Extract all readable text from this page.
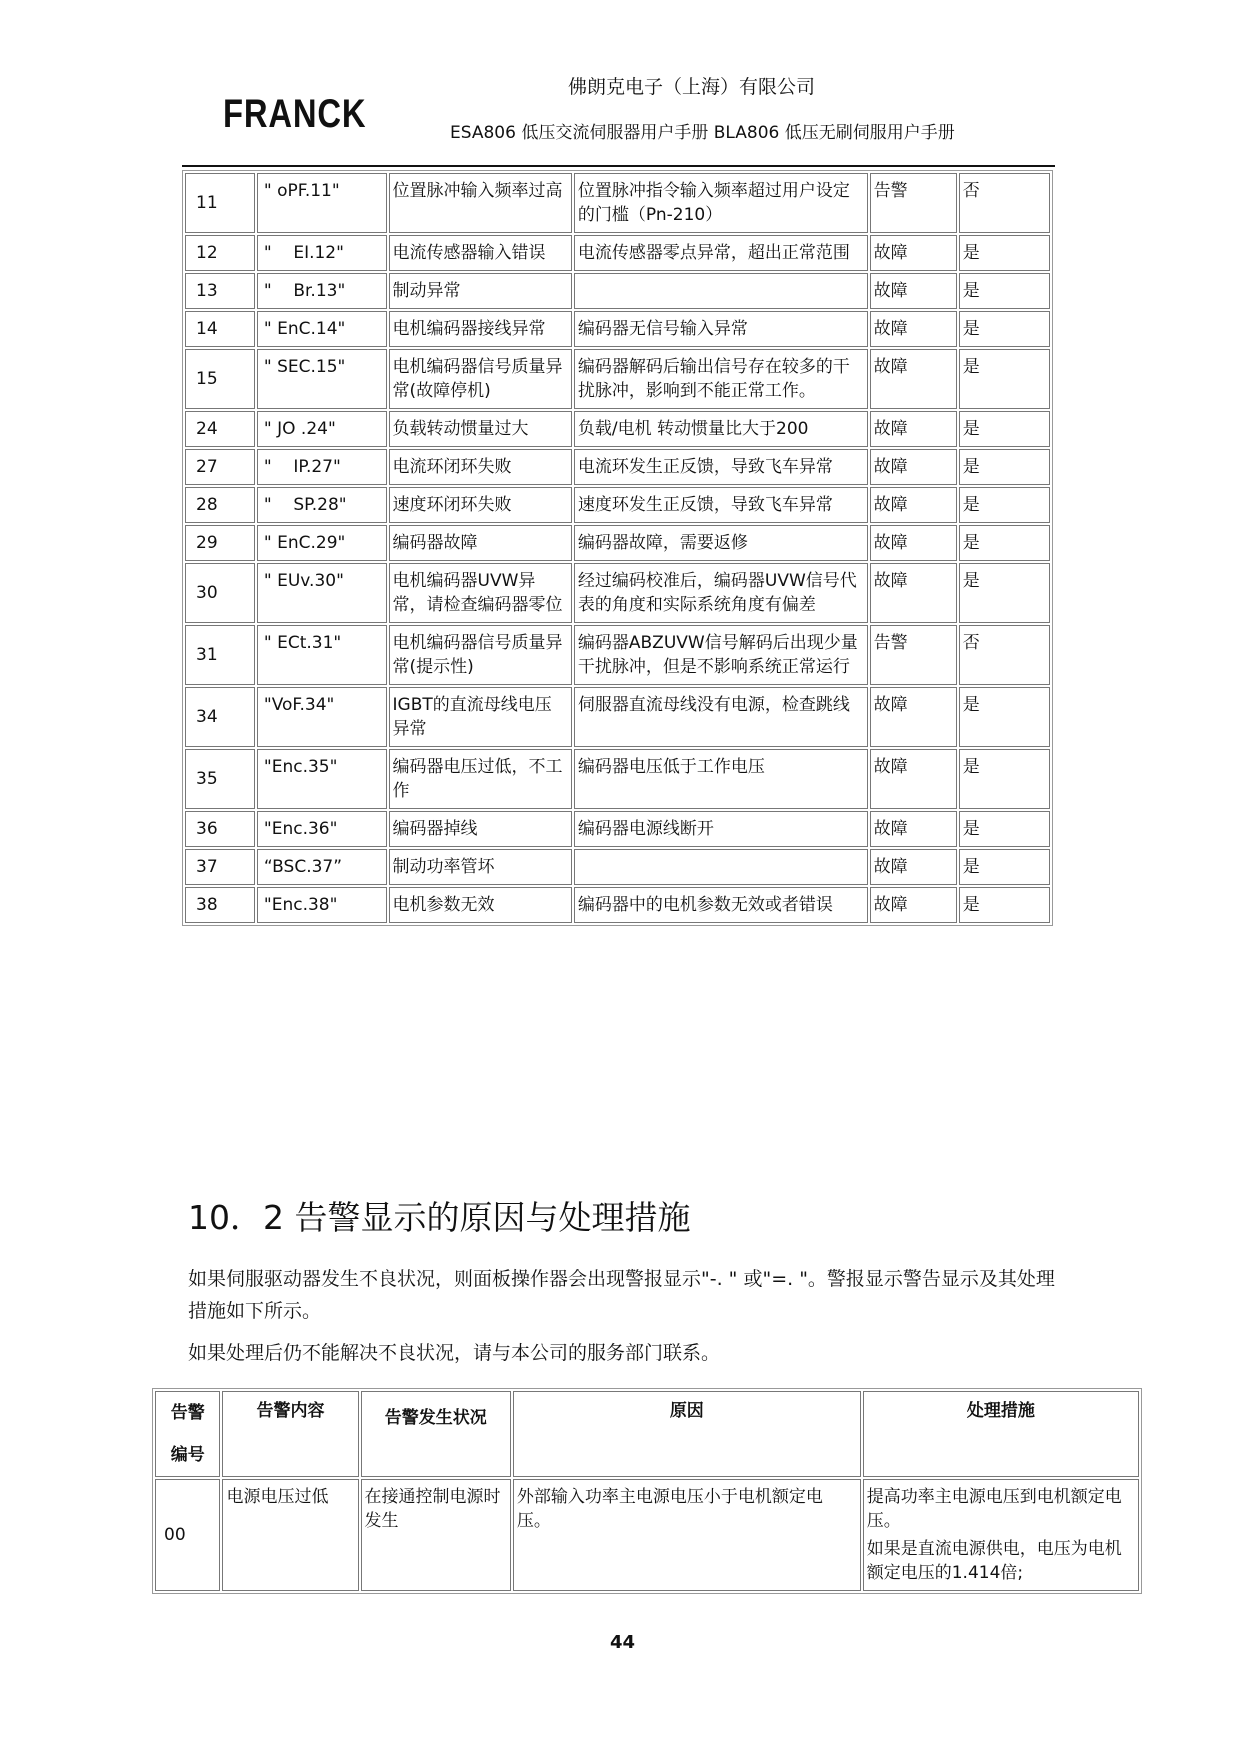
FRANCK
佛朗克电子（上海）有限公司
ESA806 低压交流伺服器用户手册 BLA806 低压无刷伺服用户手册
11	" oPF.11"	位置脉冲输入频率过高	位置脉冲指令输入频率超过用户设定的门槛（Pn-210）	告警	否
12	"    EI.12"	电流传感器输入错误	电流传感器零点异常，超出正常范围	故障	是
13	"    Br.13"	制动异常		故障	是
14	" EnC.14"	电机编码器接线异常	编码器无信号输入异常	故障	是
15	" SEC.15"	电机编码器信号质量异常(故障停机)	编码器解码后输出信号存在较多的干扰脉冲，影响到不能正常工作。	故障	是
24	" JO .24"	负载转动惯量过大	负载/电机 转动惯量比大于200	故障	是
27	"    IP.27"	电流环闭环失败	电流环发生正反馈，导致飞车异常	故障	是
28	"    SP.28"	速度环闭环失败	速度环发生正反馈，导致飞车异常	故障	是
29	" EnC.29"	编码器故障	编码器故障，需要返修	故障	是
30	" EUv.30"	电机编码器UVW异常，请检查编码器零位	经过编码校准后，编码器UVW信号代表的角度和实际系统角度有偏差	故障	是
31	" ECt.31"	电机编码器信号质量异常(提示性)	编码器ABZUVW信号解码后出现少量干扰脉冲，但是不影响系统正常运行	告警	否
34	"VoF.34"	IGBT的直流母线电压异常	伺服器直流母线没有电源，检查跳线	故障	是
35	"Enc.35"	编码器电压过低，不工作	编码器电压低于工作电压	故障	是
36	"Enc.36"	编码器掉线	编码器电源线断开	故障	是
37	“BSC.37”	制动功率管坏		故障	是
38	"Enc.38"	电机参数无效	编码器中的电机参数无效或者错误	故障	是
10．2 告警显示的原因与处理措施
如果伺服驱动器发生不良状况，则面板操作器会出现警报显示"-. " 或"=. "。警报显示警告显示及其处理措施如下所示。
如果处理后仍不能解决不良状况，请与本公司的服务部门联系。
告警
编号	告警内容	告警发生状况	原因	处理措施
00	电源电压过低	在接通控制电源时发生	外部输入功率主电源电压小于电机额定电压。	提高功率主电源电压到电机额定电压。
如果是直流电源供电，电压为电机额定电压的1.414倍;
44
